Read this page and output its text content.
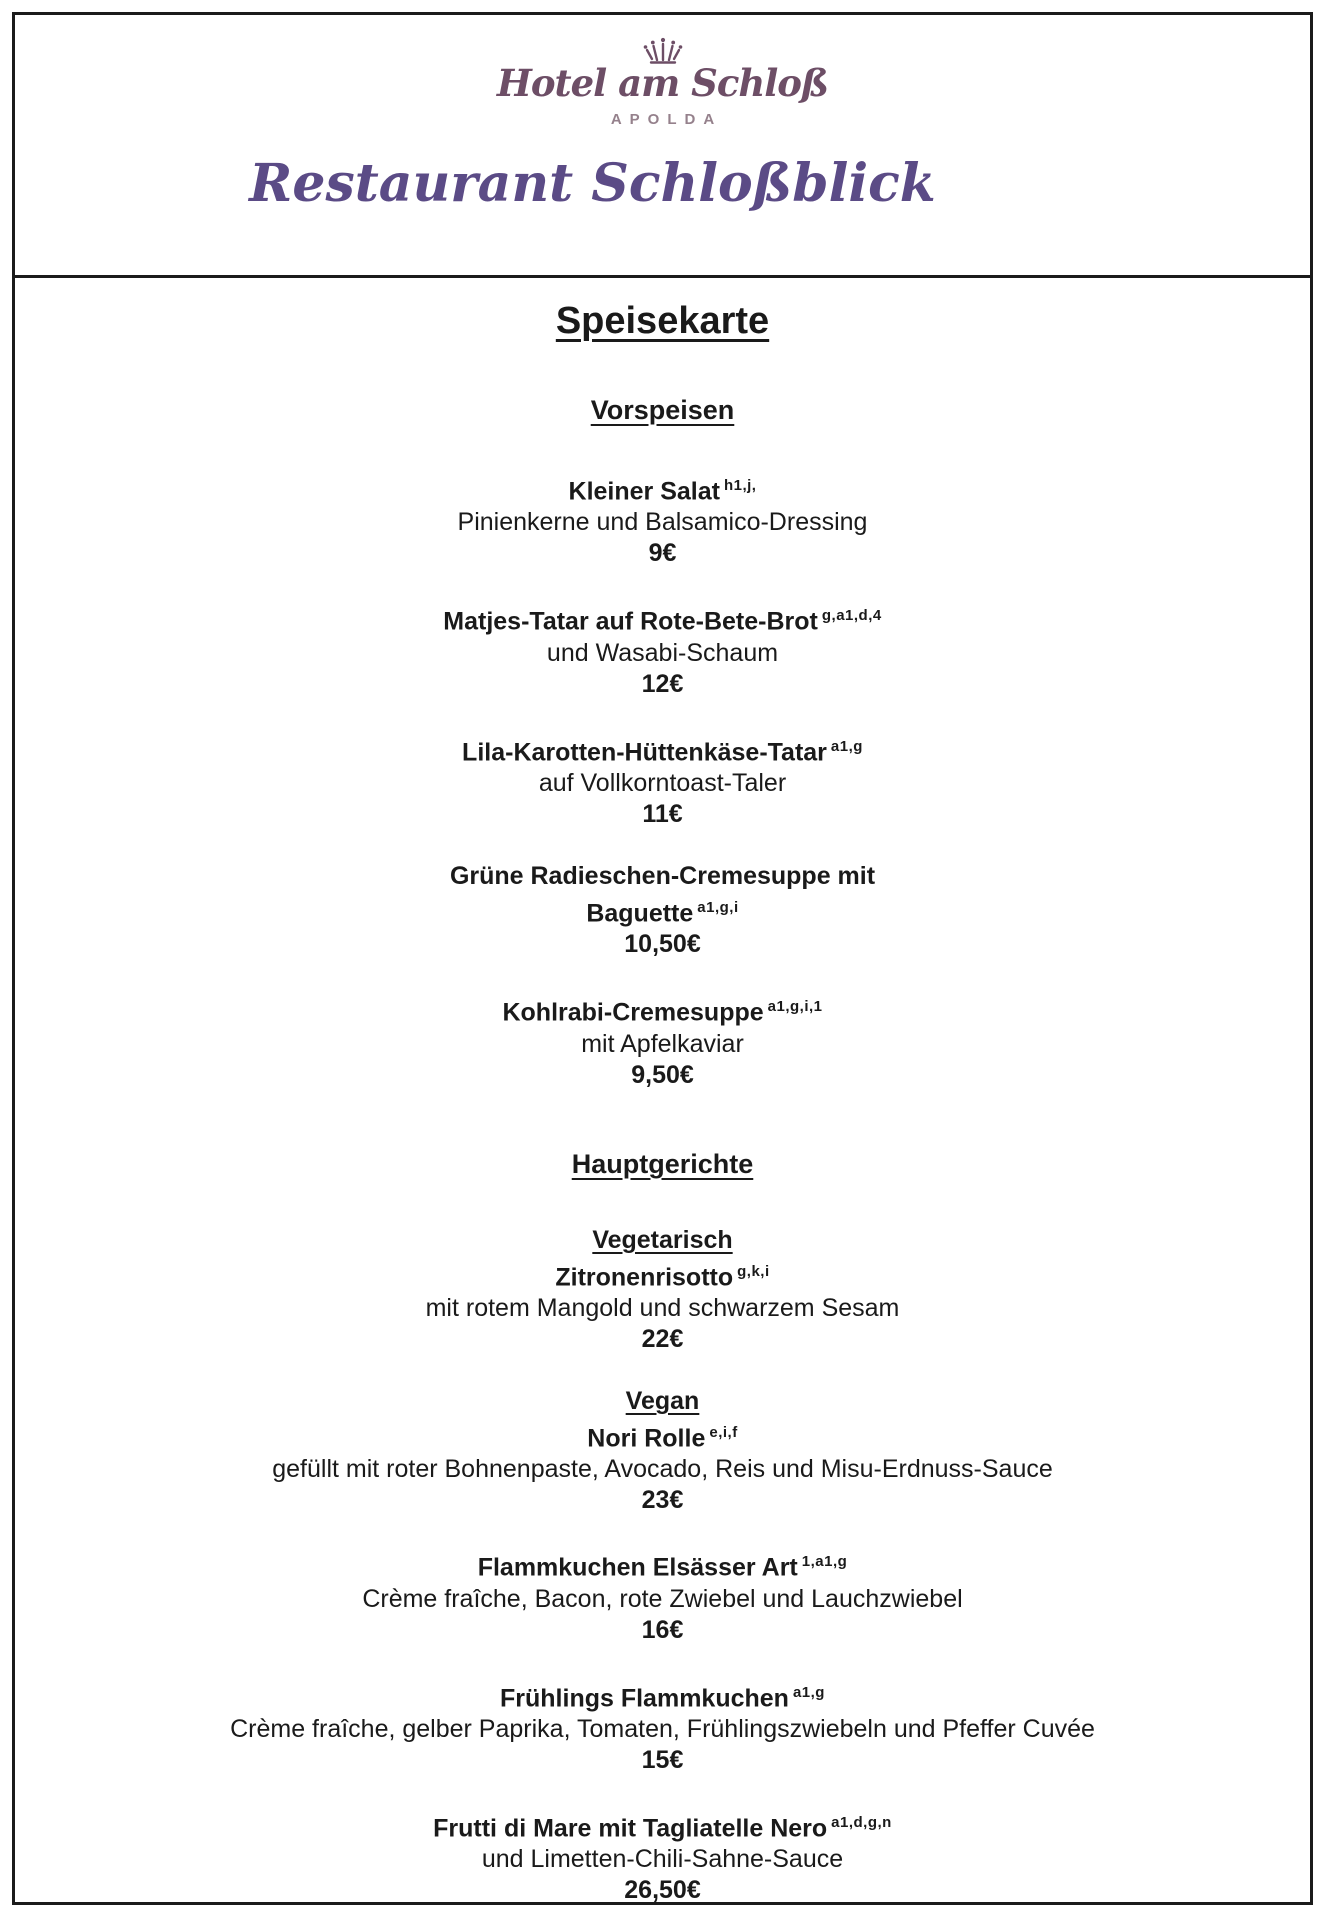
Hotel am Schloß
APOLDA
Restaurant Schloßblick
Speisekarte
Vorspeisen
Kleiner Salat $^{h1,j,}$
Pinienkerne und Balsamico-Dressing
9€
Matjes-Tatar auf Rote-Bete-Brot $^{g,a1,d,4}$
und Wasabi-Schaum
12€
Lila-Karotten-Hüttenkäse-Tatar $^{a1,g}$
auf Vollkorntoast-Taler
11€
Grüne Radieschen-Cremesuppe mit
Baguette $^{a1,g,i}$
10,50€
Kohlrabi-Cremesuppe $^{a1,g,i,1}$
mit Apfelkaviar
9,50€
Hauptgerichte
Vegetarisch
Zitronenrisotto $^{g,k,i}$
mit rotem Mangold und schwarzem Sesam
22€
Vegan
Nori Rolle $^{e,i,f}$
gefüllt mit roter Bohnenpaste, Avocado, Reis und Misu-Erdnuss-Sauce
23€
Flammkuchen Elsässer Art $^{1,a1,g}$
Crème fraîche, Bacon, rote Zwiebel und Lauchzwiebel
16€
Frühlings Flammkuchen $^{a1,g}$
Crème fraîche, gelber Paprika, Tomaten, Frühlingszwiebeln und Pfeffer Cuvée
15€
Frutti di Mare mit Tagliatelle Nero $^{a1,d,g,n}$
und Limetten-Chili-Sahne-Sauce
26,50€
